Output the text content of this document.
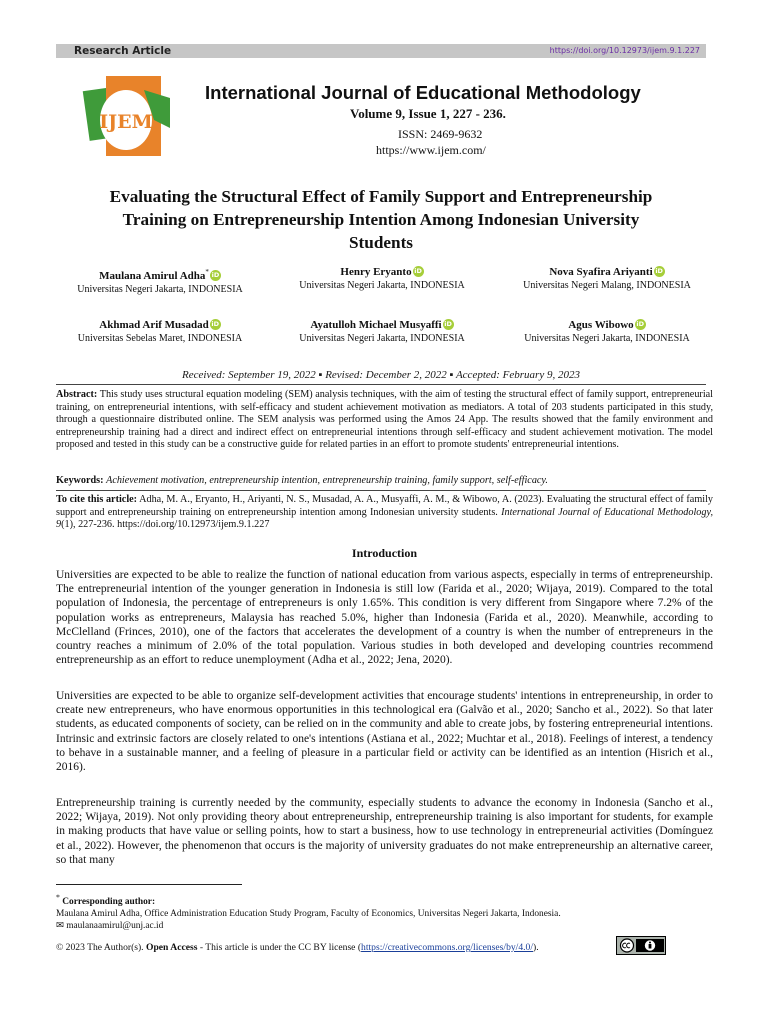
Research Article	https://doi.org/10.12973/ijem.9.1.227
IJEM
International Journal of Educational Methodology
Volume 9, Issue 1, 227 - 236.
ISSN: 2469-9632
https://www.ijem.com/
Evaluating the Structural Effect of Family Support and Entrepreneurship
Training on Entrepreneurship Intention Among Indonesian University
Students
Maulana Amirul Adha* iD
Universitas Negeri Jakarta, INDONESIA
Henry Eryanto iD
Universitas Negeri Jakarta, INDONESIA
Nova Syafira Ariyanti iD
Universitas Negeri Malang, INDONESIA
Akhmad Arif Musadad iD
Universitas Sebelas Maret, INDONESIA
Ayatulloh Michael Musyaffi iD
Universitas Negeri Jakarta, INDONESIA
Agus Wibowo iD
Universitas Negeri Jakarta, INDONESIA
Received: September 19, 2022 ▪ Revised: December 2, 2022 ▪ Accepted: February 9, 2023
Abstract: This study uses structural equation modeling (SEM) analysis techniques, with the aim of testing the structural effect of family support, entrepreneurial training, on entrepreneurial intentions, with self-efficacy and student achievement motivation as mediators. A total of 203 students participated in this study, through a questionnaire distributed online. The SEM analysis was performed using the Amos 24 App. The results showed that the family environment and entrepreneurship training had a direct and indirect effect on entrepreneurial intentions through self-efficacy and student achievement motivation. The model proposed and tested in this study can be a constructive guide for related parties in an effort to promote students' entrepreneurial intentions.
Keywords: Achievement motivation, entrepreneurship intention, entrepreneurship training, family support, self-efficacy.
To cite this article: Adha, M. A., Eryanto, H., Ariyanti, N. S., Musadad, A. A., Musyaffi, A. M., & Wibowo, A. (2023). Evaluating the structural effect of family support and entrepreneurship training on entrepreneurship intention among Indonesian university students. International Journal of Educational Methodology, 9(1), 227-236. https://doi.org/10.12973/ijem.9.1.227
Introduction

Universities are expected to be able to realize the function of national education from various aspects, especially in terms of entrepreneurship. The entrepreneurial intention of the younger generation in Indonesia is still low (Farida et al., 2020; Wijaya, 2019). Compared to the total population of Indonesia, the percentage of entrepreneurs is only 1.65%. This condition is very different from Singapore where 7.2% of the population works as entrepreneurs, Malaysia has reached 5.0%, higher than Indonesia (Farida et al., 2020). Meanwhile, according to McClelland (Frinces, 2010), one of the factors that accelerates the development of a country is when the number of entrepreneurs in the country reaches a minimum of 2.0% of the total population. Various studies in both developed and developing countries recommend entrepreneurship as an effort to reduce unemployment (Adha et al., 2022; Jena, 2020).

Universities are expected to be able to organize self-development activities that encourage students' intentions in entrepreneurship, in order to create new entrepreneurs, who have enormous opportunities in this technological era (Galvão et al., 2020; Sancho et al., 2022). So that later students, as educated components of society, can be relied on in the community and able to create jobs, by fostering entrepreneurial intentions. Intrinsic and extrinsic factors are closely related to one's intentions (Astiana et al., 2022; Muchtar et al., 2018). Feelings of interest, a tendency to behave in a sustainable manner, and a feeling of pleasure in a particular field or activity can be identified as an intention (Hisrich et al., 2016).

Entrepreneurship training is currently needed by the community, especially students to advance the economy in Indonesia (Sancho et al., 2022; Wijaya, 2019). Not only providing theory about entrepreneurship, entrepreneurship training is also important for students, for example in making products that have value or selling points, how to start a business, how to use technology in entrepreneurial activities (Domínguez et al., 2022). However, the phenomenon that occurs is the majority of university graduates do not make entrepreneurship an alternative career, so that many

* Corresponding author:
Maulana Amirul Adha, Office Administration Education Study Program, Faculty of Economics, Universitas Negeri Jakarta, Indonesia.
✉ maulanaamirul@unj.ac.id
© 2023 The Author(s). Open Access - This article is under the CC BY license (https://creativecommons.org/licenses/by/4.0/).
